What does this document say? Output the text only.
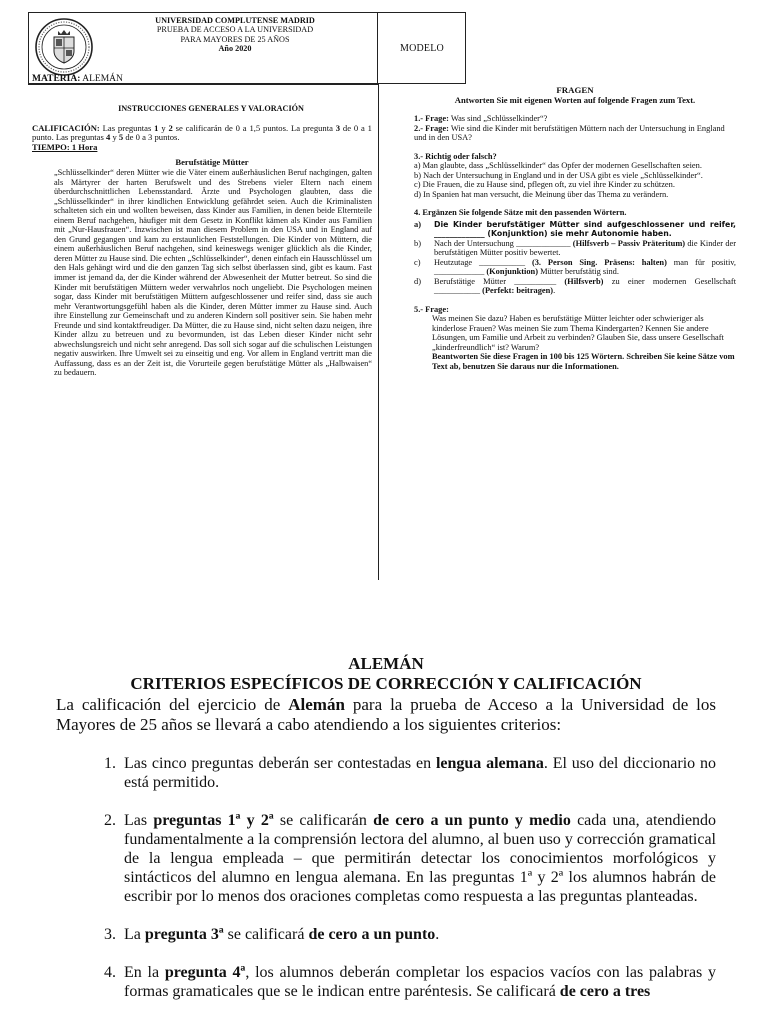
MODELO
UNIVERSIDAD COMPLUTENSE MADRID
PRUEBA DE ACCESO A LA UNIVERSIDAD
PARA MAYORES DE 25 AÑOS
Año 2020
MATERIA: ALEMÁN
INSTRUCCIONES GENERALES Y VALORACIÓN

CALIFICACIÓN: Las preguntas 1 y 2 se calificarán de 0 a 1,5 puntos. La pregunta 3 de 0 a 1 punto. Las preguntas 4 y 5 de 0 a 3 puntos.

TIEMPO: 1 Hora
Berufstätige Mütter

„Schlüsselkinder“ deren Mütter wie die Väter einem außerhäuslichen Beruf nachgingen, galten als Märtyrer der harten Berufswelt und des Strebens vieler Eltern nach einem überdurchschnittlichen Lebensstandard. Ärzte und Psychologen glaubten, dass die „Schlüsselkinder“ in ihrer kindlichen Entwicklung gefährdet seien. Auch die Kriminalisten schalteten sich ein und wollten beweisen, dass Kinder aus Familien, in denen beide Elternteile einem Beruf nachgehen, häufiger mit dem Gesetz in Konflikt kämen als Kinder aus Familien mit „Nur-Hausfrauen“. Inzwischen ist man diesem Problem in den USA und in England auf den Grund gegangen und kam zu erstaunlichen Feststellungen. Die Kinder von Müttern, die einem außerhäuslichen Beruf nachgehen, sind keineswegs weniger glücklich als die Kinder, deren Mütter zu Hause sind. Die echten „Schlüsselkinder“, denen einfach ein Hausschlüssel um den Hals gehängt wird und die den ganzen Tag sich selbst überlassen sind, gibt es kaum. Fast immer ist jemand da, der die Kinder während der Abwesenheit der Mutter betreut. So sind die Kinder mit berufstätigen Müttern weder verwahrlos noch ungeliebt. Die Psychologen meinen sogar, dass Kinder mit berufstätigen Müttern aufgeschlossener und reifer sind, dass sie auch mehr Verantwortungsgefühl haben als die Kinder, deren Mütter immer zu Hause sind. Auch ihre Einstellung zur Gemeinschaft und zu anderen Kindern soll positiver sein. Sie haben mehr Freunde und sind kontaktfreudiger. Da Mütter, die zu Hause sind, nicht selten dazu neigen, ihre Kinder allzu zu betreuen und zu bevormunden, ist das Leben dieser Kinder nicht sehr abwechslungsreich und nicht sehr anregend. Das soll sich sogar auf die schulischen Leistungen negativ auswirken. Ihre Umwelt sei zu einseitig und eng. Vor allem in England vertritt man die Auffassung, dass es an der Zeit ist, die Vorurteile gegen berufstätige Mütter als „Halbwaisen“ zu bedauern.

FRAGEN
Antworten Sie mit eigenen Worten auf folgende Fragen zum Text.

1.- Frage: Was sind „Schlüsselkinder“?

2.- Frage: Wie sind die Kinder mit berufstätigen Müttern nach der Untersuchung in England und in den USA?

3.- Richtig oder falsch?

a) Man glaubte, dass „Schlüsselkinder“ das Opfer der modernen Gesellschaften seien.

b) Nach der Untersuchung in England und in der USA gibt es viele „Schlüsselkinder“.

c) Die Frauen, die zu Hause sind, pflegen oft, zu viel ihre Kinder zu schützen.

d) In Spanien hat man versucht, die Meinung über das Thema zu verändern.

4. Ergänzen Sie folgende Sätze mit den passenden Wörtern.

a)	Die Kinder berufstätiger Mütter sind aufgeschlossener und reifer, _____________ (Konjunktion) sie mehr Autonomie haben.
b)	Nach der Untersuchung _____________ (Hilfsverb – Passiv Präteritum) die Kinder der berufstätigen Mütter positiv bewertet.
c)	Heutzutage ___________ (3. Person Sing. Präsens: halten) man für positiv, ____________ (Konjunktion) Mütter berufstätig sind.
d)	Berufstätige Mütter __________ (Hilfsverb) zu einer modernen Gesellschaft ___________ (Perfekt: beitragen).

5.- Frage:

Was meinen Sie dazu? Haben es berufstätige Mütter leichter oder schwieriger als kinderlose Frauen? Was meinen Sie zum Thema Kindergarten? Kennen Sie andere Lösungen, um Familie und Arbeit zu verbinden? Glauben Sie, dass unsere Gesellschaft „kinderfreundlich“ ist? Warum?

Beantworten Sie diese Fragen in 100 bis 125 Wörtern. Schreiben Sie keine Sätze vom Text ab, benutzen Sie daraus nur die Informationen.

ALEMÁN
CRITERIOS ESPECÍFICOS DE CORRECCIÓN Y CALIFICACIÓN

La calificación del ejercicio de Alemán para la prueba de Acceso a la Universidad de los Mayores de 25 años se llevará a cabo atendiendo a los siguientes criterios:

1. Las cinco preguntas deberán ser contestadas en lengua alemana. El uso del diccionario no está permitido.
2. Las preguntas 1ª y 2ª se calificarán de cero a un punto y medio cada una, atendiendo fundamentalmente a la comprensión lectora del alumno, al buen uso y corrección gramatical de la lengua empleada – que permitirán detectar los conocimientos morfológicos y sintácticos del alumno en lengua alemana. En las preguntas 1ª y 2ª los alumnos habrán de escribir por lo menos dos oraciones completas como respuesta a las preguntas planteadas.
3. La pregunta 3ª se calificará de cero a un punto.
4. En la pregunta 4ª, los alumnos deberán completar los espacios vacíos con las palabras y formas gramaticales que se le indican entre paréntesis. Se calificará de cero a tres
